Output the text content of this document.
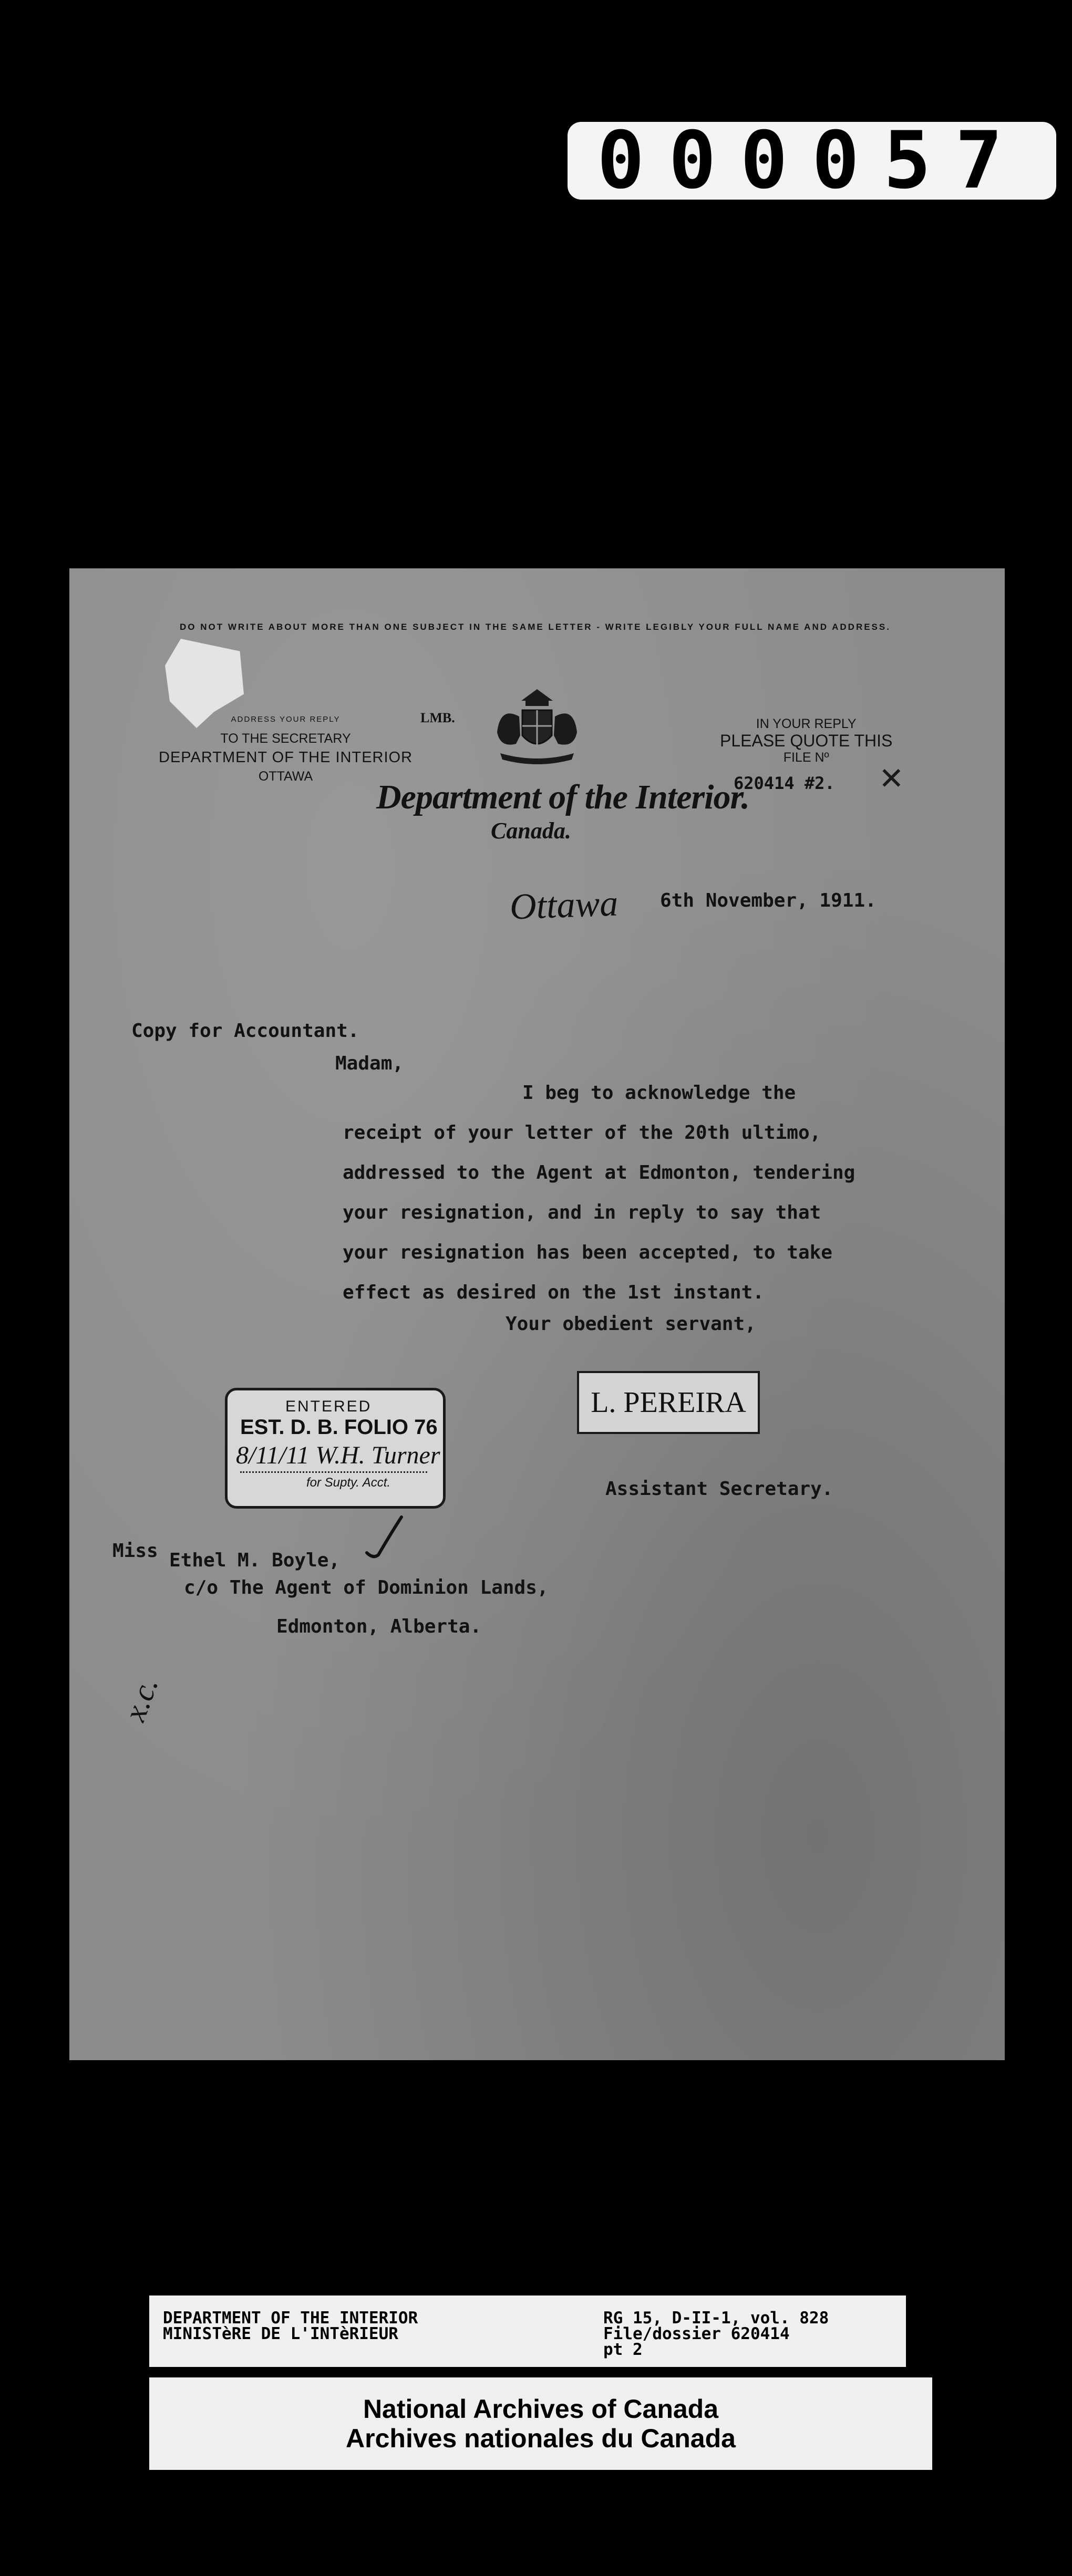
000057
DO NOT WRITE ABOUT MORE THAN ONE SUBJECT IN THE SAME LETTER - WRITE LEGIBLY YOUR FULL NAME AND ADDRESS.
ADDRESS YOUR REPLY
TO THE SECRETARY
DEPARTMENT OF THE INTERIOR
OTTAWA
LMB.
Department of the Interior.
Canada.
IN YOUR REPLY
PLEASE QUOTE THIS
FILE Nº
620414 #2. ✕
Ottawa 6th November, 1911.
Copy for Accountant.
Madam,
I beg to acknowledge the
receipt of your letter of the 20th ultimo,
addressed to the Agent at Edmonton, tendering
your resignation, and in reply to say that
your resignation has been accepted, to take
effect as desired on the 1st instant.
Your obedient servant,
ENTERED
EST. D. B. FOLIO 76
8/11/11 W.H. Turner
for Supty. Acct.
L. PEREIRA
Assistant Secretary.
Miss Ethel M. Boyle,
c/o The Agent of Dominion Lands,
Edmonton, Alberta.
x.c.
DEPARTMENT OF THE INTERIOR
MINISTèRE DE L'INTèRIEUR
RG 15, D-II-1, vol. 828
File/dossier 620414
pt 2
National Archives of Canada
Archives nationales du Canada
